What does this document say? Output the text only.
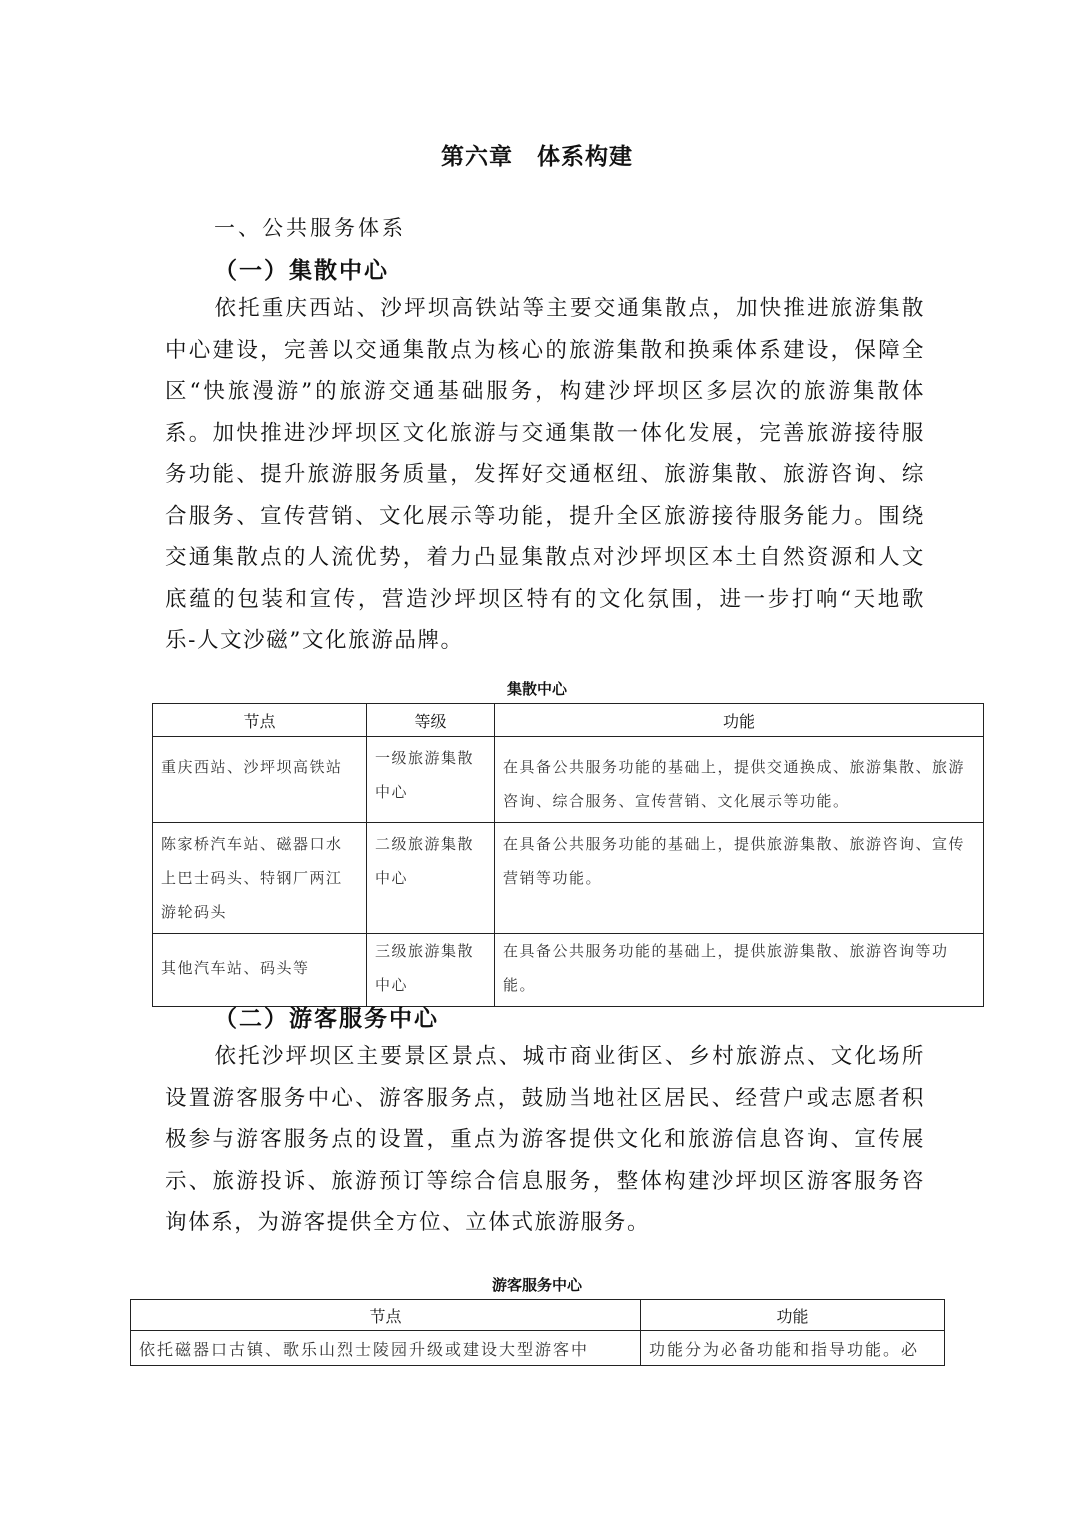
第六章　体系构建
一、公共服务体系
（一）集散中心

依托重庆西站、沙坪坝高铁站等主要交通集散点，加快推进旅游集散中心建设，完善以交通集散点为核心的旅游集散和换乘体系建设，保障全区“快旅漫游”的旅游交通基础服务，构建沙坪坝区多层次的旅游集散体系。加快推进沙坪坝区文化旅游与交通集散一体化发展，完善旅游接待服务功能、提升旅游服务质量，发挥好交通枢纽、旅游集散、旅游咨询、综合服务、宣传营销、文化展示等功能，提升全区旅游接待服务能力。围绕交通集散点的人流优势，着力凸显集散点对沙坪坝区本土自然资源和人文底蕴的包装和宣传，营造沙坪坝区特有的文化氛围，进一步打响“天地歌乐-人文沙磁”文化旅游品牌。

集散中心
节点	等级	功能
重庆西站、沙坪坝高铁站	一级旅游集散中心	在具备公共服务功能的基础上，提供交通换成、旅游集散、旅游咨询、综合服务、宣传营销、文化展示等功能。
陈家桥汽车站、磁器口水上巴士码头、特钢厂两江游轮码头	二级旅游集散中心	在具备公共服务功能的基础上，提供旅游集散、旅游咨询、宣传营销等功能。
其他汽车站、码头等	三级旅游集散中心	在具备公共服务功能的基础上，提供旅游集散、旅游咨询等功能。
（二）游客服务中心

依托沙坪坝区主要景区景点、城市商业街区、乡村旅游点、文化场所设置游客服务中心、游客服务点，鼓励当地社区居民、经营户或志愿者积极参与游客服务点的设置，重点为游客提供文化和旅游信息咨询、宣传展示、旅游投诉、旅游预订等综合信息服务，整体构建沙坪坝区游客服务咨询体系，为游客提供全方位、立体式旅游服务。

游客服务中心
节点	功能
依托磁器口古镇、歌乐山烈士陵园升级或建设大型游客中	功能分为必备功能和指导功能。必
